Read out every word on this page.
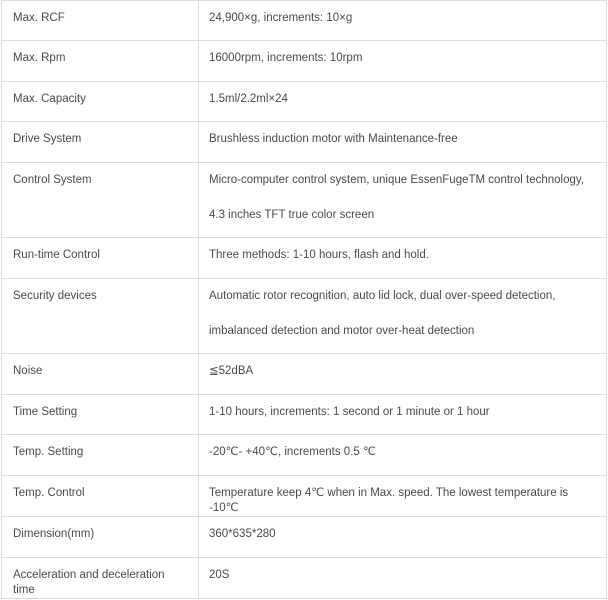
Max. RCF	24,900×g, increments: 10×g
Max. Rpm	16000rpm, increments: 10rpm
Max. Capacity	1.5ml/2.2ml×24
Drive System	Brushless induction motor with Maintenance-free
Control System	Micro-computer control system, unique EssenFugeTM control technology,
4.3 inches TFT true color screen

Run-time Control	Three methods: 1-10 hours, flash and hold.
Security devices	Automatic rotor recognition, auto lid lock, dual over-speed detection,
imbalanced detection and motor over-heat detection

Noise	≦52dBA
Time Setting	1-10 hours, increments: 1 second or 1 minute or 1 hour
Temp. Setting	-20℃- +40℃, increments 0.5 ℃
Temp. Control	Temperature keep 4℃ when in Max. speed. The lowest temperature is -10℃
Dimension(mm)	360*635*280
Acceleration and deceleration time	20S
